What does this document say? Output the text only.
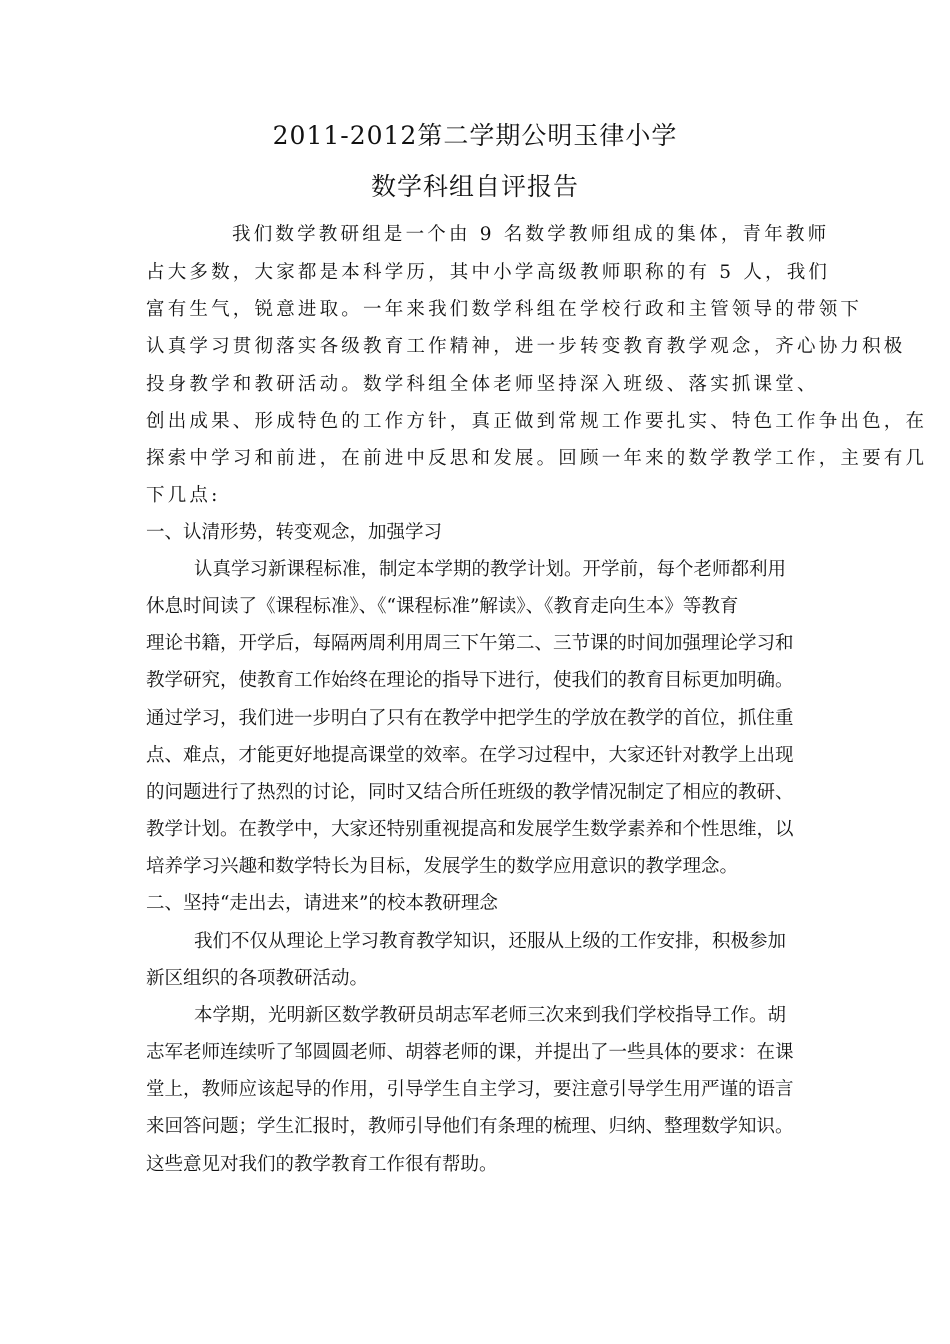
2011-2012第二学期公明玉律小学
数学科组自评报告
我们数学教研组是一个由 9 名数学教师组成的集体，青年教师
占大多数，大家都是本科学历，其中小学高级教师职称的有 5 人，我们
富有生气，锐意进取。一年来我们数学科组在学校行政和主管领导的带领下
认真学习贯彻落实各级教育工作精神，进一步转变教育教学观念，齐心协力积极
投身教学和教研活动。数学科组全体老师坚持深入班级、落实抓课堂、
创出成果、形成特色的工作方针，真正做到常规工作要扎实、特色工作争出色，在
探索中学习和前进，在前进中反思和发展。回顾一年来的数学教学工作，主要有几
下几点:
一、认清形势，转变观念，加强学习
认真学习新课程标准，制定本学期的教学计划。开学前，每个老师都利用
休息时间读了《课程标准》、《“课程标准”解读》、《教育走向生本》等教育
理论书籍，开学后，每隔两周利用周三下午第二、三节课的时间加强理论学习和
教学研究，使教育工作始终在理论的指导下进行，使我们的教育目标更加明确。
通过学习，我们进一步明白了只有在教学中把学生的学放在教学的首位，抓住重
点、难点，才能更好地提高课堂的效率。在学习过程中，大家还针对教学上出现
的问题进行了热烈的讨论，同时又结合所任班级的教学情况制定了相应的教研、
教学计划。在教学中，大家还特别重视提高和发展学生数学素养和个性思维，以
培养学习兴趣和数学特长为目标，发展学生的数学应用意识的教学理念。
二、坚持“走出去，请进来”的校本教研理念
我们不仅从理论上学习教育教学知识，还服从上级的工作安排，积极参加
新区组织的各项教研活动。
本学期，光明新区数学教研员胡志军老师三次来到我们学校指导工作。胡
志军老师连续听了邹圆圆老师、胡蓉老师的课，并提出了一些具体的要求：在课
堂上，教师应该起导的作用，引导学生自主学习，要注意引导学生用严谨的语言
来回答问题；学生汇报时，教师引导他们有条理的梳理、归纳、整理数学知识。
这些意见对我们的教学教育工作很有帮助。
